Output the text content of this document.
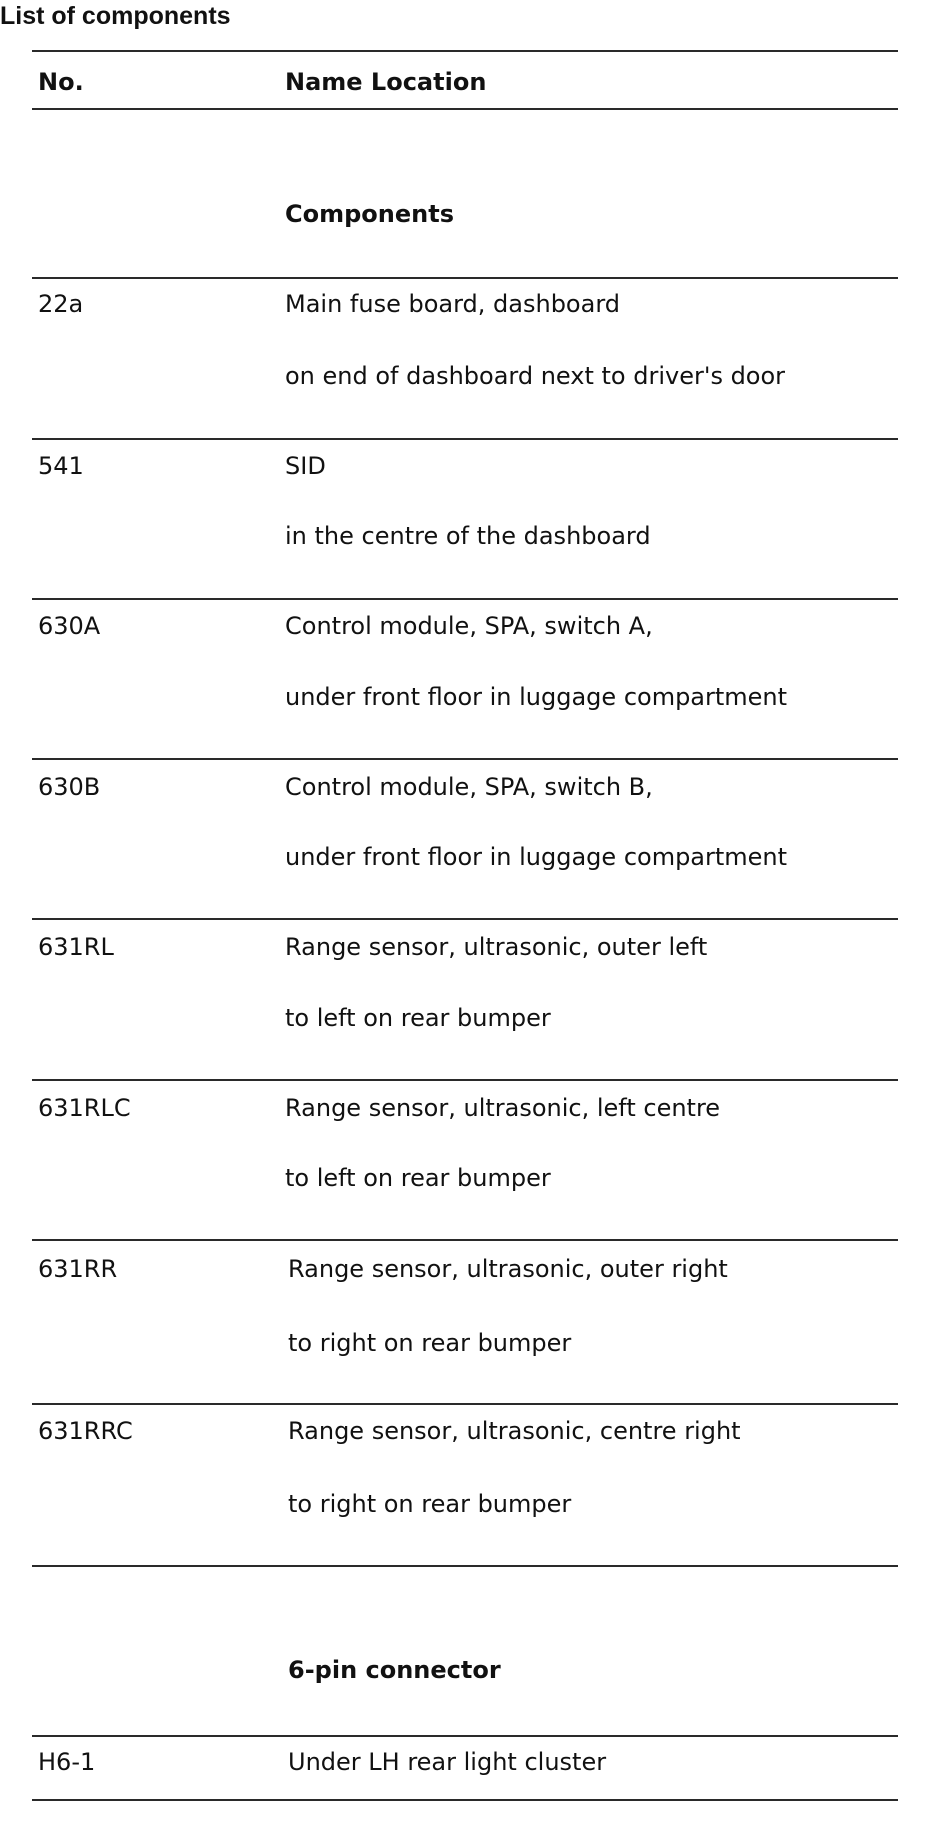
List of components
No.	Name Location
Components
22a	Main fuse board, dashboard
on end of dashboard next to driver's door
541	SID
in the centre of the dashboard
630A	Control module, SPA, switch A,
under front floor in luggage compartment
630B	Control module, SPA, switch B,
under front floor in luggage compartment
631RL	Range sensor, ultrasonic, outer left
to left on rear bumper
631RLC	Range sensor, ultrasonic, left centre
to left on rear bumper
631RR	Range sensor, ultrasonic, outer right
to right on rear bumper
631RRC	Range sensor, ultrasonic, centre right
to right on rear bumper
6-pin connector
H6-1	Under LH rear light cluster
